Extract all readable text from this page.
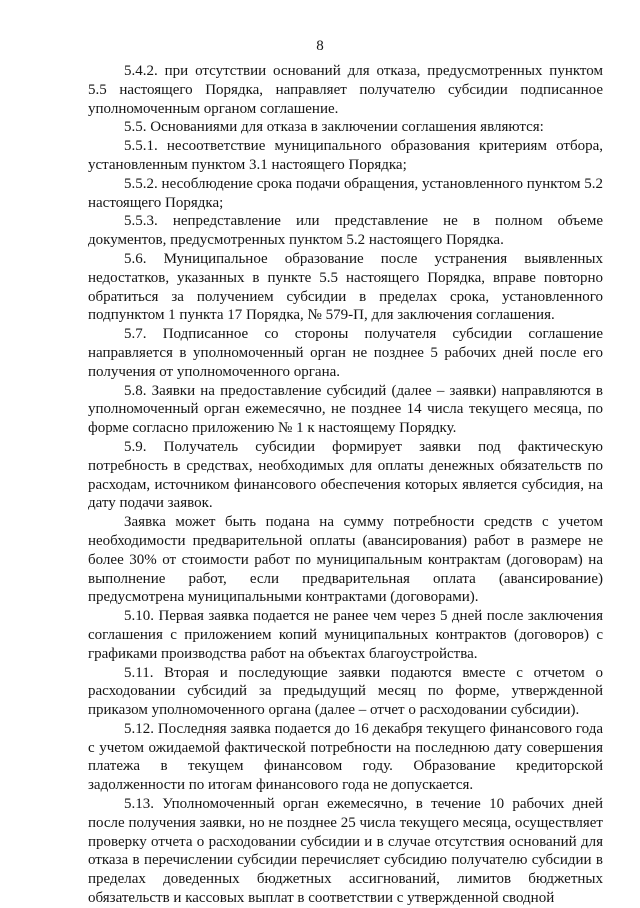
8

5.4.2. при отсутствии оснований для отказа, предусмотренных пунктом 5.5 настоящего Порядка, направляет получателю субсидии подписанное уполномоченным органом соглашение.

5.5. Основаниями для отказа в заключении соглашения являются:

5.5.1. несоответствие муниципального образования критериям отбора, установленным пунктом 3.1 настоящего Порядка;

5.5.2. несоблюдение срока подачи обращения, установленного пунктом 5.2 настоящего Порядка;

5.5.3. непредставление или представление не в полном объеме документов, предусмотренных пунктом 5.2 настоящего Порядка.

5.6. Муниципальное образование после устранения выявленных недостатков, указанных в пункте 5.5 настоящего Порядка, вправе повторно обратиться за получением субсидии в пределах срока, установленного подпунктом 1 пункта 17 Порядка, № 579-П, для заключения соглашения.

5.7. Подписанное со стороны получателя субсидии соглашение направляется в уполномоченный орган не позднее 5 рабочих дней после его получения от уполномоченного органа.

5.8. Заявки на предоставление субсидий (далее – заявки) направляются в уполномоченный орган ежемесячно, не позднее 14 числа текущего месяца, по форме согласно приложению № 1 к настоящему Порядку.

5.9. Получатель субсидии формирует заявки под фактическую потребность в средствах, необходимых для оплаты денежных обязательств по расходам, источником финансового обеспечения которых является субсидия, на дату подачи заявок.

Заявка может быть подана на сумму потребности средств с учетом необходимости предварительной оплаты (авансирования) работ в размере не более 30% от стоимости работ по муниципальным контрактам (договорам) на выполнение работ, если предварительная оплата (авансирование) предусмотрена муниципальными контрактами (договорами).

5.10. Первая заявка подается не ранее чем через 5 дней после заключения соглашения с приложением копий муниципальных контрактов (договоров) с графиками производства работ на объектах благоустройства.

5.11. Вторая и последующие заявки подаются вместе с отчетом о расходовании субсидий за предыдущий месяц по форме, утвержденной приказом уполномоченного органа (далее – отчет о расходовании субсидии).

5.12. Последняя заявка подается до 16 декабря текущего финансового года с учетом ожидаемой фактической потребности на последнюю дату совершения платежа в текущем финансовом году. Образование кредиторской задолженности по итогам финансового года не допускается.

5.13. Уполномоченный орган ежемесячно, в течение 10 рабочих дней после получения заявки, но не позднее 25 числа текущего месяца, осуществляет проверку отчета о расходовании субсидии и в случае отсутствия оснований для отказа в перечислении субсидии перечисляет субсидию получателю субсидии в пределах доведенных бюджетных ассигнований, лимитов бюджетных обязательств и кассовых выплат в соответствии с утвержденной сводной
